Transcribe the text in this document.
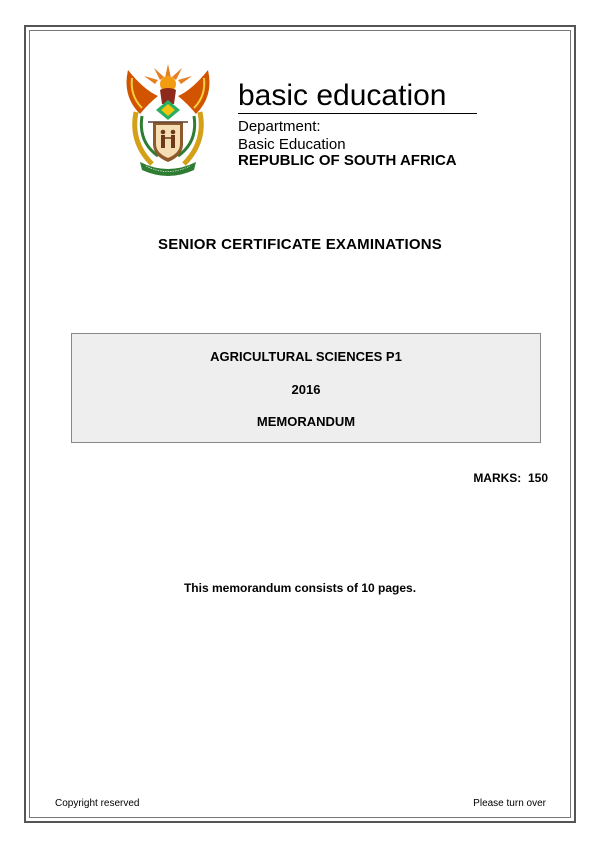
basic education
Department:
Basic Education
REPUBLIC OF SOUTH AFRICA
SENIOR CERTIFICATE EXAMINATIONS
AGRICULTURAL SCIENCES P1
2016
MEMORANDUM
MARKS:  150
This memorandum consists of 10 pages.
Copyright reserved	Please turn over
